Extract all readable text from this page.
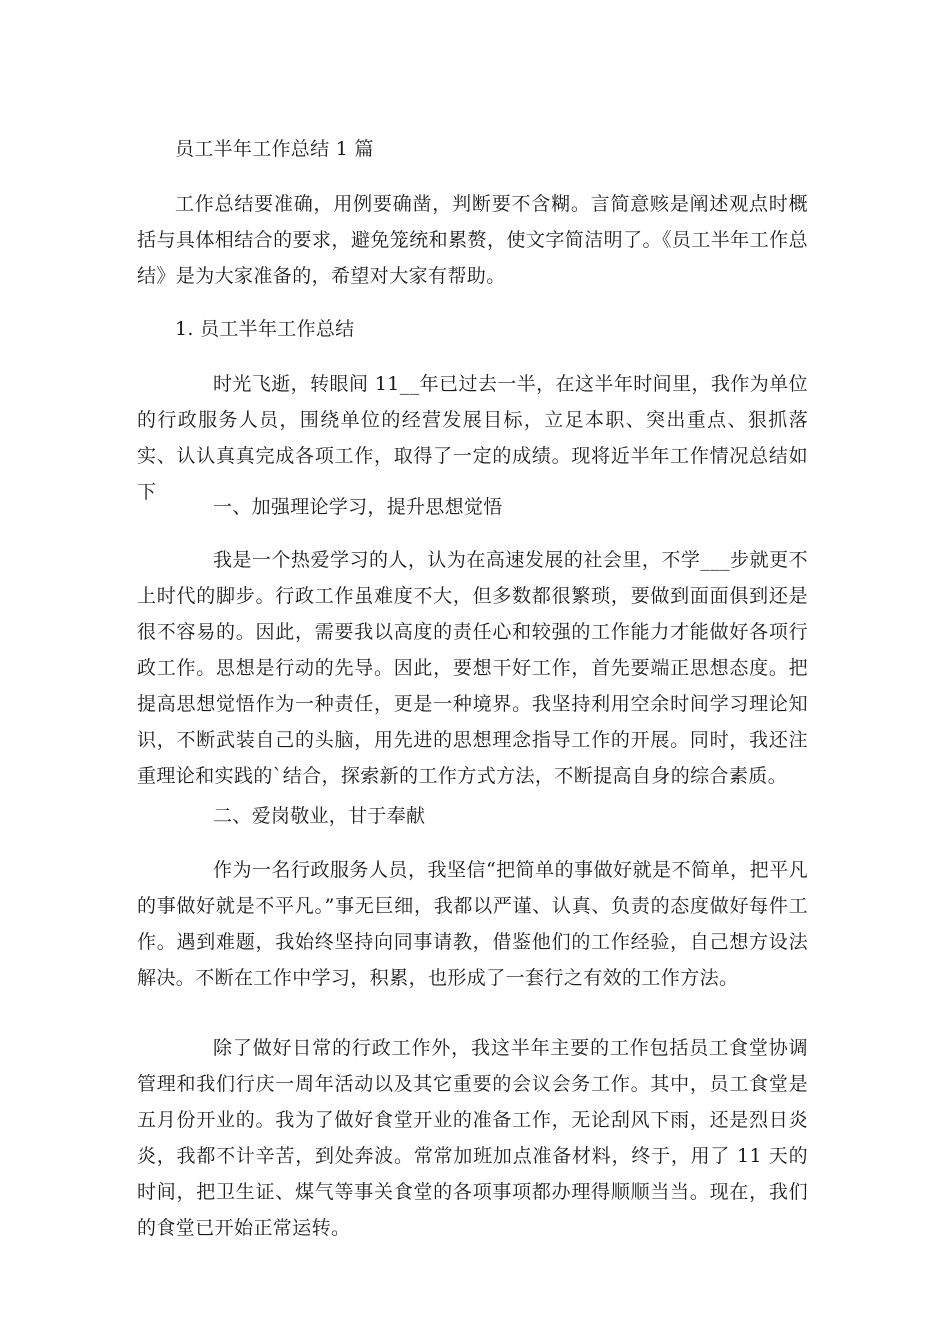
员工半年工作总结 1 篇

工作总结要准确，用例要确凿，判断要不含糊。言简意赅是阐述观点时概括与具体相结合的要求，避免笼统和累赘，使文字简洁明了。《员工半年工作总结》是为大家准备的，希望对大家有帮助。

1. 员工半年工作总结

时光飞逝，转眼间 11__年已过去一半，在这半年时间里，我作为单位的行政服务人员，围绕单位的经营发展目标，立足本职、突出重点、狠抓落实、认认真真完成各项工作，取得了一定的成绩。现将近半年工作情况总结如下

一、加强理论学习，提升思想觉悟

我是一个热爱学习的人，认为在高速发展的社会里，不学___步就更不上时代的脚步。行政工作虽难度不大，但多数都很繁琐，要做到面面俱到还是很不容易的。因此，需要我以高度的责任心和较强的工作能力才能做好各项行政工作。思想是行动的先导。因此，要想干好工作，首先要端正思想态度。把提高思想觉悟作为一种责任，更是一种境界。我坚持利用空余时间学习理论知识，不断武装自己的头脑，用先进的思想理念指导工作的开展。同时，我还注重理论和实践的`结合，探索新的工作方式方法，不断提高自身的综合素质。

二、爱岗敬业，甘于奉献

作为一名行政服务人员，我坚信“把简单的事做好就是不简单，把平凡的事做好就是不平凡。”事无巨细，我都以严谨、认真、负责的态度做好每件工作。遇到难题，我始终坚持向同事请教，借鉴他们的工作经验，自己想方设法解决。不断在工作中学习，积累，也形成了一套行之有效的工作方法。

除了做好日常的行政工作外，我这半年主要的工作包括员工食堂协调管理和我们行庆一周年活动以及其它重要的会议会务工作。其中，员工食堂是五月份开业的。我为了做好食堂开业的准备工作，无论刮风下雨，还是烈日炎炎，我都不计辛苦，到处奔波。常常加班加点准备材料，终于，用了 11 天的时间，把卫生证、煤气等事关食堂的各项事项都办理得顺顺当当。现在，我们的食堂已开始正常运转。
